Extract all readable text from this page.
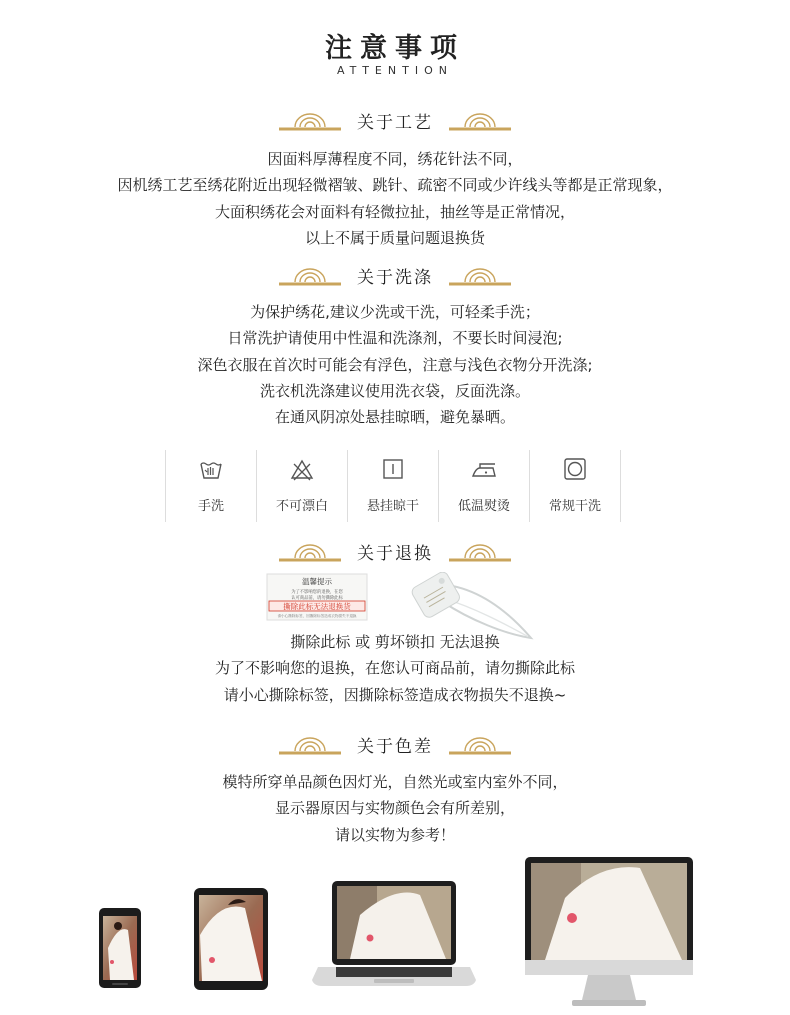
注意事项
ATTENTION
关于工艺
因面料厚薄程度不同，绣花针法不同，
因机绣工艺至绣花附近出现轻微褶皱、跳针、疏密不同或少许线头等都是正常现象，
大面积绣花会对面料有轻微拉扯，抽丝等是正常情况，
以上不属于质量问题退换货
关于洗涤
为保护绣花,建议少洗或干洗，可轻柔手洗；
日常洗护请使用中性温和洗涤剂，不要长时间浸泡;
深色衣服在首次时可能会有浮色，注意与浅色衣物分开洗涤;
洗衣机洗涤建议使用洗衣袋，反面洗涤。
在通风阴凉处悬挂晾晒，避免暴晒。
手洗	不可漂白	悬挂晾干	低温熨烫	常规干洗
关于退换
温馨提示
为了不影响您的退换，在您
认可商品前，请勿撕除此标
撕除此标无法退换货
请小心撕除标签，因撕除标签造成衣物损失不退换
撕除此标 或 剪坏锁扣 无法退换
为了不影响您的退换，在您认可商品前，请勿撕除此标
请小心撕除标签，因撕除标签造成衣物损失不退换~
关于色差
模特所穿单品颜色因灯光，自然光或室内室外不同，
显示器原因与实物颜色会有所差别，
请以实物为参考！
